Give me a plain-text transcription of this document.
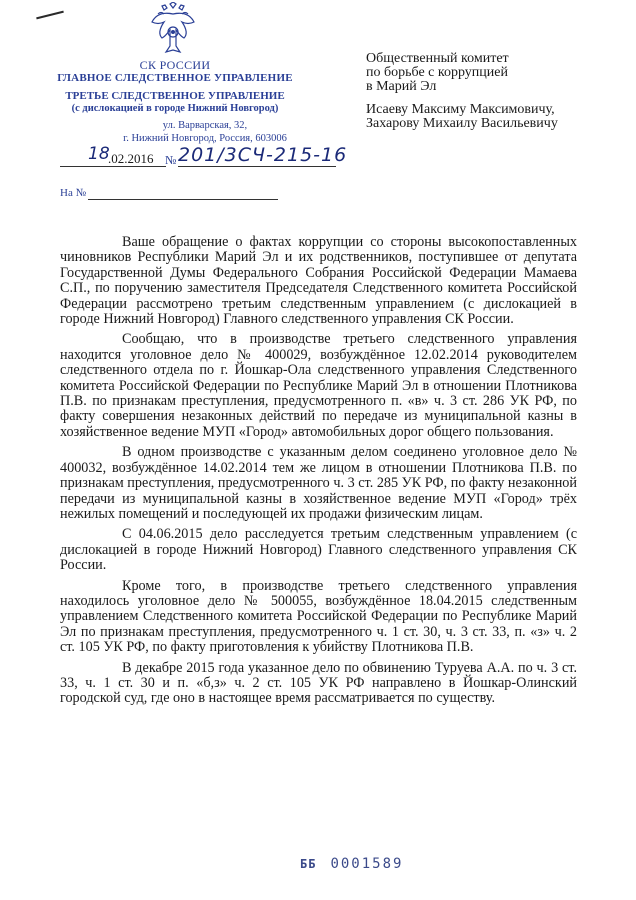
СК РОССИИ
ГЛАВНОЕ СЛЕДСТВЕННОЕ УПРАВЛЕНИЕ
ТРЕТЬЕ СЛЕДСТВЕННОЕ УПРАВЛЕНИЕ
(с дислокацией в городе Нижний Новгород)
ул. Варварская, 32,
г. Нижний Новгород, Россия, 603006
18
.02.2016 № 201/3СЧ-215-16
На №
Общественный комитет
по борьбе с коррупцией
в Марий Эл
Исаеву Максиму Максимовичу,
Захарову Михаилу Васильевичу

Ваше обращение о фактах коррупции со стороны высокопоставленных чиновников Республики Марий Эл и их родственников, поступившее от депутата Государственной Думы Федерального Собрания Российской Федерации Мамаева С.П., по поручению заместителя Председателя Следственного комитета Российской Федерации рассмотрено третьим следственным управлением (с дислокацией в городе Нижний Новгород) Главного следственного управления СК России.

Сообщаю, что в производстве третьего следственного управления находится уголовное дело № 400029, возбуждённое 12.02.2014 руководителем следственного отдела по г. Йошкар-Ола следственного управления Следственного комитета Российской Федерации по Республике Марий Эл в отношении Плотникова П.В. по признакам преступления, предусмотренного п. «в» ч. 3 ст. 286 УК РФ, по факту совершения незаконных действий по передаче из муниципальной казны в хозяйственное ведение МУП «Город» автомобильных дорог общего пользования.

В одном производстве с указанным делом соединено уголовное дело № 400032, возбуждённое 14.02.2014 тем же лицом в отношении Плотникова П.В. по признакам преступления, предусмотренного ч. 3 ст. 285 УК РФ, по факту незаконной передачи из муниципальной казны в хозяйственное ведение МУП «Город» трёх нежилых помещений и последующей их продажи физическим лицам.

С 04.06.2015 дело расследуется третьим следственным управлением (с дислокацией в городе Нижний Новгород) Главного следственного управления СК России.

Кроме того, в производстве третьего следственного управления находилось уголовное дело № 500055, возбуждённое 18.04.2015 следственным управлением Следственного комитета Российской Федерации по Республике Марий Эл по признакам преступления, предусмотренного ч. 1 ст. 30, ч. 3 ст. 33, п. «з» ч. 2 ст. 105 УК РФ, по факту приготовления к убийству Плотникова П.В.

В декабре 2015 года указанное дело по обвинению Туруева А.А. по ч. 3 ст. 33, ч. 1 ст. 30 и п. «б,з» ч. 2 ст. 105 УК РФ направлено в Йошкар-Олинский городской суд, где оно в настоящее время рассматривается по существу.

ББ 0001589
